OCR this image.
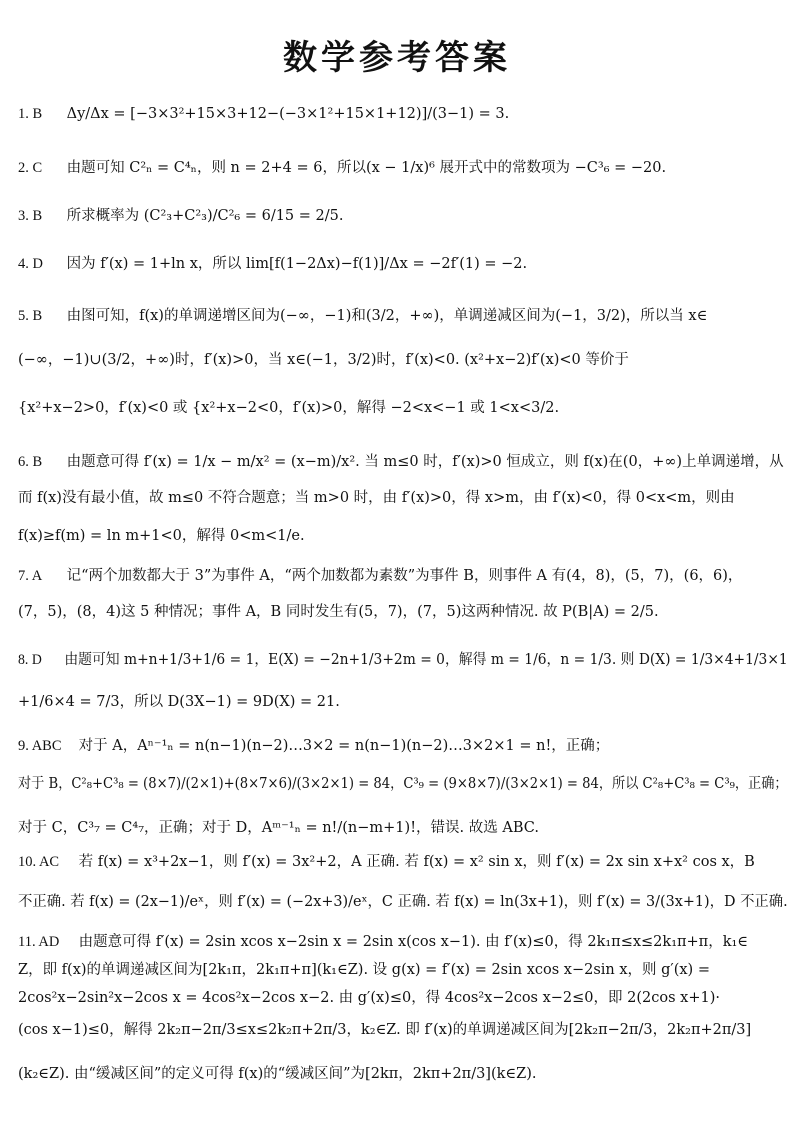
数学参考答案
1. B Δy/Δx = [−3×3²+15×3+12−(−3×1²+15×1+12)]/(3−1) = 3.
2. C 由题可知 C²ₙ = C⁴ₙ，则 n = 2+4 = 6，所以(x − 1/x)⁶ 展开式中的常数项为 −C³₆ = −20.
3. B 所求概率为 (C²₃+C²₃)/C²₆ = 6/15 = 2/5.
4. D 因为 f′(x) = 1+ln x，所以 lim[f(1−2Δx)−f(1)]/Δx = −2f′(1) = −2.
5. B 由图可知，f(x)的单调递增区间为(−∞，−1)和(3/2，+∞)，单调递减区间为(−1，3/2)，所以当 x∈
(−∞，−1)∪(3/2，+∞)时，f′(x)>0，当 x∈(−1，3/2)时，f′(x)<0. (x²+x−2)f′(x)<0 等价于
{x²+x−2>0，f′(x)<0 或 {x²+x−2<0，f′(x)>0，解得 −2<x<−1 或 1<x<3/2.
6. B 由题意可得 f′(x) = 1/x − m/x² = (x−m)/x². 当 m≤0 时，f′(x)>0 恒成立，则 f(x)在(0，+∞)上单调递增，从
而 f(x)没有最小值，故 m≤0 不符合题意；当 m>0 时，由 f′(x)>0，得 x>m，由 f′(x)<0，得 0<x<m，则由
f(x)≥f(m) = ln m+1<0，解得 0<m<1/e.
7. A 记“两个加数都大于 3”为事件 A，“两个加数都为素数”为事件 B，则事件 A 有(4，8)，(5，7)，(6，6)，
(7，5)，(8，4)这 5 种情况；事件 A，B 同时发生有(5，7)，(7，5)这两种情况. 故 P(B|A) = 2/5.
8. D 由题可知 m+n+1/3+1/6 = 1，E(X) = −2n+1/3+2m = 0，解得 m = 1/6，n = 1/3. 则 D(X) = 1/3×4+1/3×1
+1/6×4 = 7/3，所以 D(3X−1) = 9D(X) = 21.
9. ABC 对于 A，Aⁿ⁻¹ₙ = n(n−1)(n−2)…3×2 = n(n−1)(n−2)…3×2×1 = n!，正确；
对于 B，C²₈+C³₈ = (8×7)/(2×1)+(8×7×6)/(3×2×1) = 84，C³₉ = (9×8×7)/(3×2×1) = 84，所以 C²₈+C³₈ = C³₉，正确；
对于 C，C³₇ = C⁴₇，正确；对于 D，Aᵐ⁻¹ₙ = n!/(n−m+1)!，错误. 故选 ABC.
10. AC 若 f(x) = x³+2x−1，则 f′(x) = 3x²+2，A 正确. 若 f(x) = x² sin x，则 f′(x) = 2x sin x+x² cos x，B
不正确. 若 f(x) = (2x−1)/eˣ，则 f′(x) = (−2x+3)/eˣ，C 正确. 若 f(x) = ln(3x+1)，则 f′(x) = 3/(3x+1)，D 不正确.
11. AD 由题意可得 f′(x) = 2sin xcos x−2sin x = 2sin x(cos x−1). 由 f′(x)≤0，得 2k₁π≤x≤2k₁π+π，k₁∈
Z，即 f(x)的单调递减区间为[2k₁π，2k₁π+π](k₁∈Z). 设 g(x) = f′(x) = 2sin xcos x−2sin x，则 g′(x) =
2cos²x−2sin²x−2cos x = 4cos²x−2cos x−2. 由 g′(x)≤0，得 4cos²x−2cos x−2≤0，即 2(2cos x+1)·
(cos x−1)≤0，解得 2k₂π−2π/3≤x≤2k₂π+2π/3，k₂∈Z. 即 f′(x)的单调递减区间为[2k₂π−2π/3，2k₂π+2π/3]
(k₂∈Z). 由“缓减区间”的定义可得 f(x)的“缓减区间”为[2kπ，2kπ+2π/3](k∈Z).
